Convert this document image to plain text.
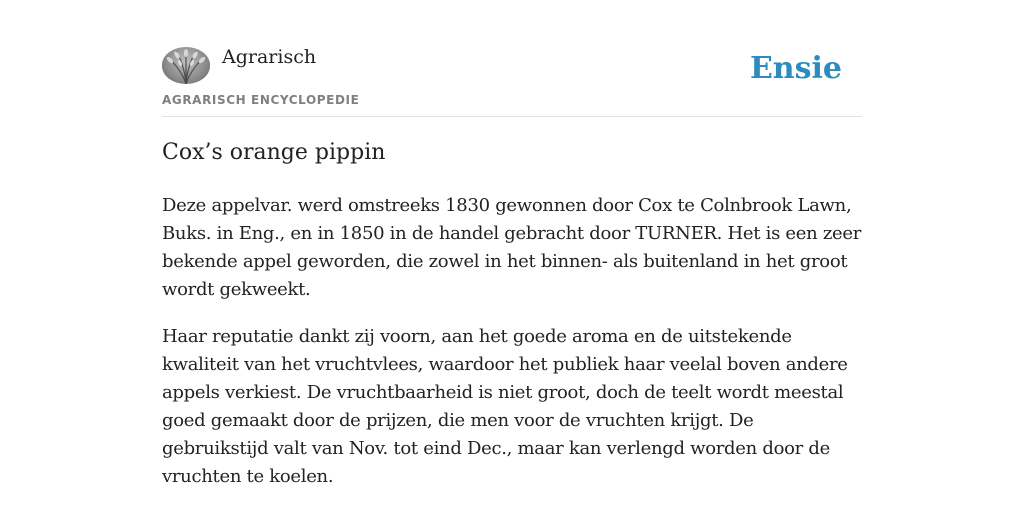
Agrarisch
AGRARISCH ENCYCLOPEDIE
Ensie
Cox’s orange pippin

Deze appelvar. werd omstreeks 1830 gewonnen door Cox te Colnbrook Lawn, Buks. in Eng., en in 1850 in de handel gebracht door TURNER. Het is een zeer bekende appel geworden, die zowel in het binnen- als buitenland in het groot wordt gekweekt.

Haar reputatie dankt zij voorn, aan het goede aroma en de uitstekende kwaliteit van het vruchtvlees, waardoor het publiek haar veelal boven andere appels verkiest. De vruchtbaarheid is niet groot, doch de teelt wordt meestal goed gemaakt door de prijzen, die men voor de vruchten krijgt. De gebruikstijd valt van Nov. tot eind Dec., maar kan verlengd worden door de vruchten te koelen.
